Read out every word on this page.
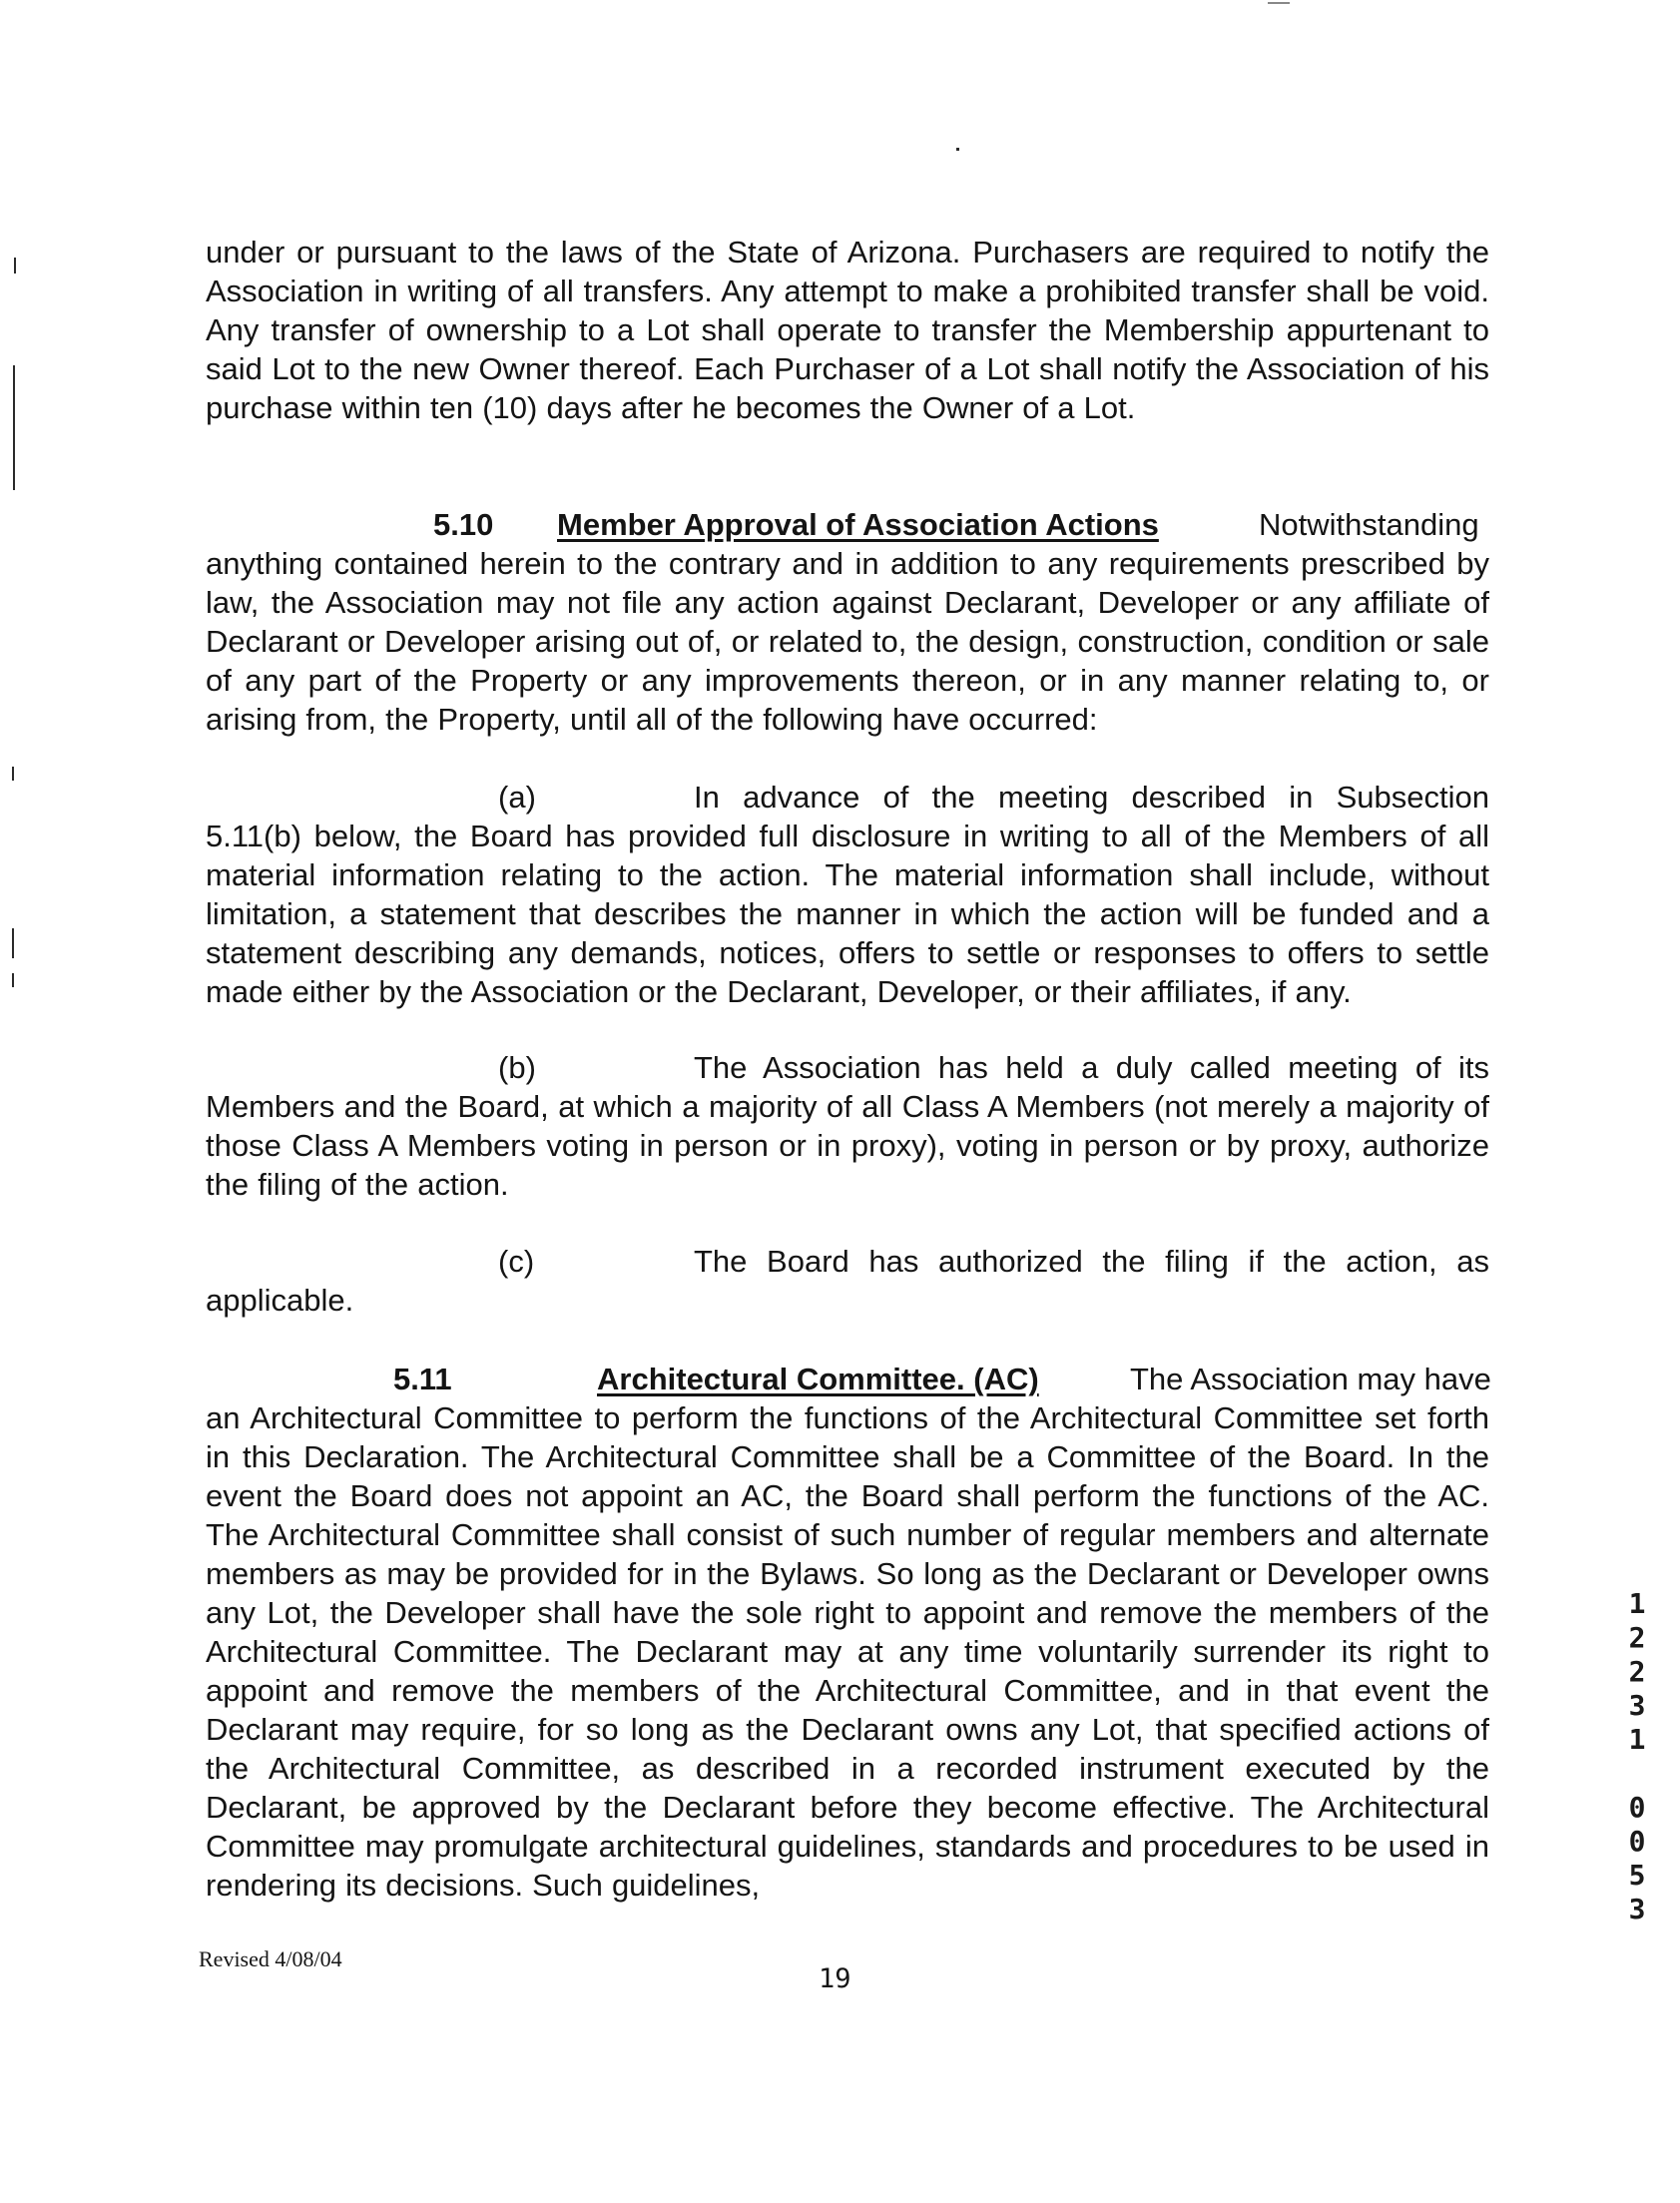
under or pursuant to the laws of the State of Arizona. Purchasers are required to notify the Association in writing of all transfers. Any attempt to make a prohibited transfer shall be void. Any transfer of ownership to a Lot shall operate to transfer the Membership appurtenant to said Lot to the new Owner thereof. Each Purchaser of a Lot shall notify the Association of his purchase within ten (10) days after he becomes the Owner of a Lot.
5.10 Member Approval of Association Actions	Notwithstanding
anything contained herein to the contrary and in addition to any requirements prescribed by law, the Association may not file any action against Declarant, Developer or any affiliate of Declarant or Developer arising out of, or related to, the design, construction, condition or sale of any part of the Property or any improvements thereon, or in any manner relating to, or arising from, the Property, until all of the following have occurred:
(a)	In advance of the meeting described in Subsection
5.11(b) below, the Board has provided full disclosure in writing to all of the Members of all material information relating to the action. The material information shall include, without limitation, a statement that describes the manner in which the action will be funded and a statement describing any demands, notices, offers to settle or responses to offers to settle made either by the Association or the Declarant, Developer, or their affiliates, if any.
(b)	The Association has held a duly called meeting of its
Members and the Board, at which a majority of all Class A Members (not merely a majority of those Class A Members voting in person or in proxy), voting in person or by proxy, authorize the filing of the action.
(c)	The Board has authorized the filing if the action, as
applicable.
5.11	Architectural Committee. (AC)	The Association may have
an Architectural Committee to perform the functions of the Architectural Committee set forth in this Declaration. The Architectural Committee shall be a Committee of the Board. In the event the Board does not appoint an AC, the Board shall perform the functions of the AC. The Architectural Committee shall consist of such number of regular members and alternate members as may be provided for in the Bylaws. So long as the Declarant or Developer owns any Lot, the Developer shall have the sole right to appoint and remove the members of the Architectural Committee. The Declarant may at any time voluntarily surrender its right to appoint and remove the members of the Architectural Committee, and in that event the Declarant may require, for so long as the Declarant owns any Lot, that specified actions of the Architectural Committee, as described in a recorded instrument executed by the Declarant, be approved by the Declarant before they become effective. The Architectural Committee may promulgate architectural guidelines, standards and procedures to be used in rendering its decisions. Such guidelines,
Revised 4/08/04
19
1
2
2
3
1
0
0
5
3
